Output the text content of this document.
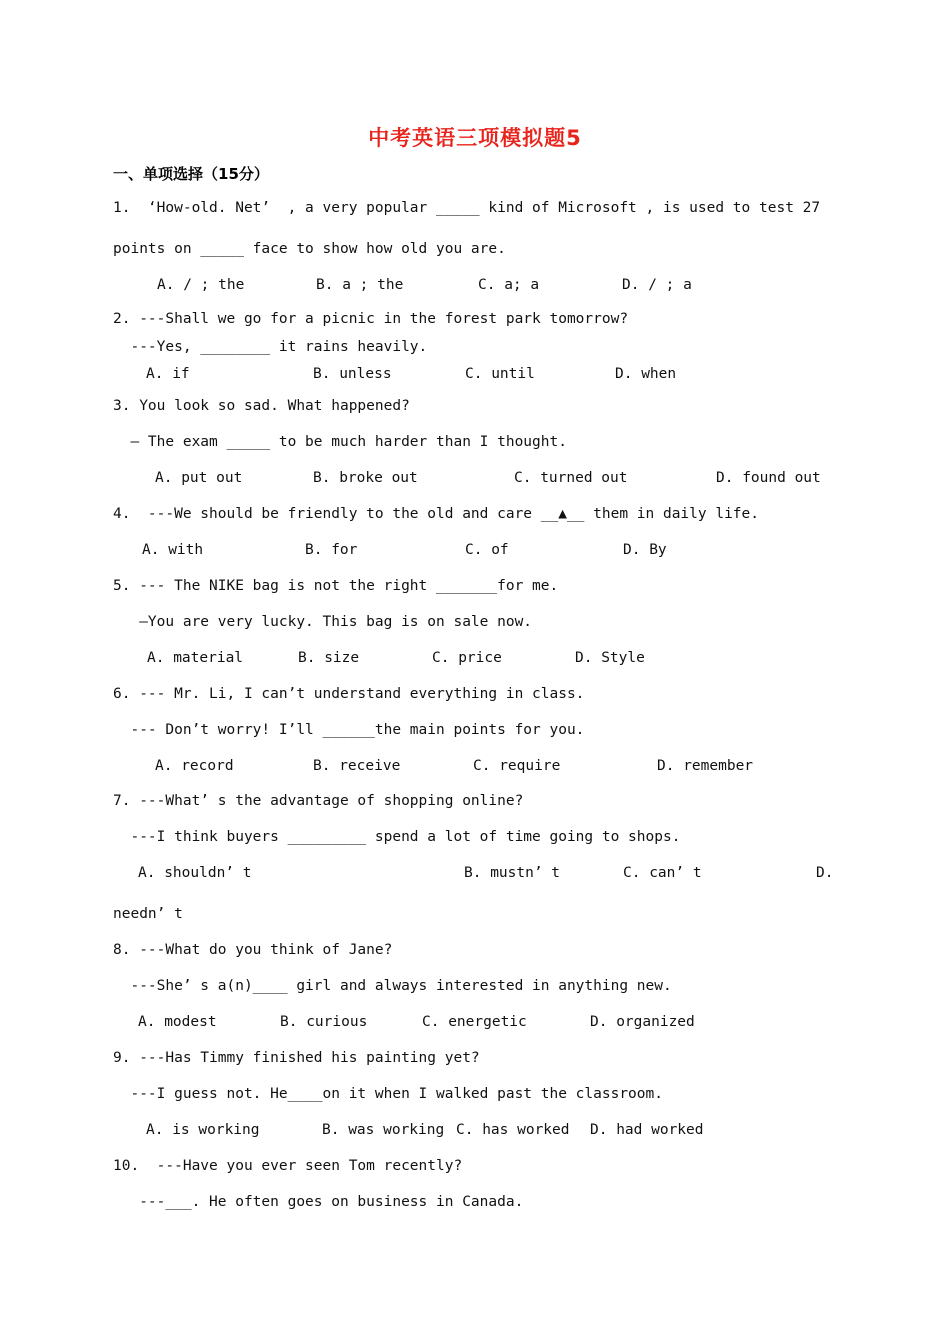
中考英语三项模拟题5
一、单项选择（15分）
1.  ‘How-old. Net’  , a very popular _____ kind of Microsoft , is used to test 27
points on _____ face to show how old you are.
A. / ; the	B. a ; the	C. a; a	D. / ; a
2. ---Shall we go for a picnic in the forest park tomorrow?
---Yes, ________ it rains heavily.
A. if	B. unless	C. until	D. when
3. You look so sad. What happened?
— The exam _____ to be much harder than I thought.
A. put out	B. broke out	C. turned out	D. found out
4.  ---We should be friendly to the old and care __▲__ them in daily life.
A. with	B. for	C. of	D. By
5. --- The NIKE bag is not the right _______for me.
—You are very lucky. This bag is on sale now.
A. material	B. size	C. price	D. Style
6. --- Mr. Li, I can’t understand everything in class.
--- Don’t worry! I’ll ______the main points for you.
A. record	B. receive	C. require	D. remember
7. ---What’ s the advantage of shopping online?
---I think buyers _________ spend a lot of time going to shops.
A. shouldn’ t	B. mustn’ t	C. can’ t	D.
needn’ t
8. ---What do you think of Jane?
---She’ s a(n)____ girl and always interested in anything new.
A. modest	B. curious	C. energetic	D. organized
9. ---Has Timmy finished his painting yet?
---I guess not. He____on it when I walked past the classroom.
A. is working	B. was working C. has worked D. had worked
10.  ---Have you ever seen Tom recently?
---___. He often goes on business in Canada.
